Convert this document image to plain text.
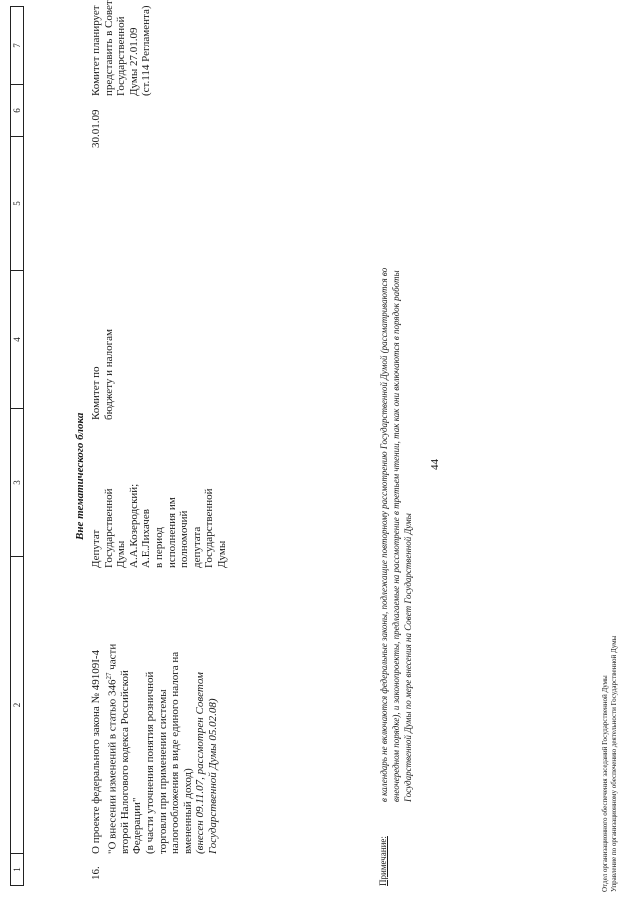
44
1
2
3
4
5
6
7
Вне тематического блока
16.
О проекте федерального закона № 49109І-4 "О внесении изменений в статью $346^{27}$ части
второй Налогового кодекса Российской Федерации" (в части уточнения понятия розничной торговли при применении системы налогообложения в виде единого налога на вмененный доход) (внесен 09.11.07, рассмотрен Советом Государственной Думы 05.02.08)
Депутат Государственной Думы А.А.Козеродский; А.Е.Лихачев в период исполнения им полномочий депутата Государственной Думы
Комитет по бюджету и налогам
30.01.09
Комитет планирует представить в Совет Государственной Думы 27.01.09 (ст.114 Регламента)
Примечание:
в календарь не включаются федеральные законы, подлежащие повторному рассмотрению Государственной Думой (рассматриваются во внеочередном порядке), и законопроекты, предлагаемые на рассмотрение в третьем чтении, так как они включаются в порядок работы Государственной Думы по мере внесения на Совет Государственной Думы	Отдел организационного обеспечения заседаний Государственной Думы Управление по организационному обеспечению деятельности Государственной Думы
